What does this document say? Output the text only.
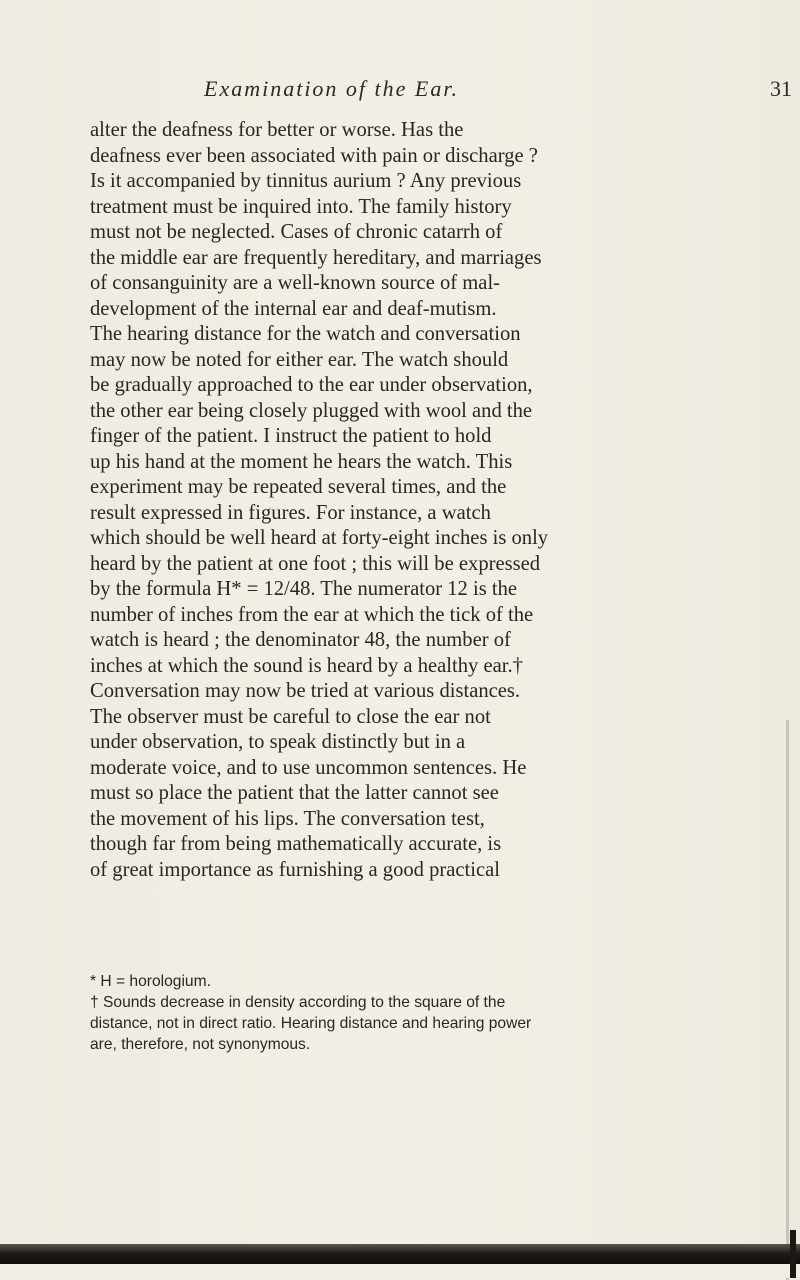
Examination of the Ear.	31
alter the deafness for better or worse. Has the
deafness ever been associated with pain or discharge ?
Is it accompanied by tinnitus aurium ? Any previous
treatment must be inquired into. The family history
must not be neglected. Cases of chronic catarrh of
the middle ear are frequently hereditary, and marriages
of consanguinity are a well-known source of mal-
development of the internal ear and deaf-mutism.
The hearing distance for the watch and conversation
may now be noted for either ear. The watch should
be gradually approached to the ear under observation,
the other ear being closely plugged with wool and the
finger of the patient. I instruct the patient to hold
up his hand at the moment he hears the watch. This
experiment may be repeated several times, and the
result expressed in figures. For instance, a watch
which should be well heard at forty-eight inches is only
heard by the patient at one foot ; this will be expressed
by the formula H* = 12/48. The numerator 12 is the
number of inches from the ear at which the tick of the
watch is heard ; the denominator 48, the number of
inches at which the sound is heard by a healthy ear.†
Conversation may now be tried at various distances.
The observer must be careful to close the ear not
under observation, to speak distinctly but in a
moderate voice, and to use uncommon sentences. He
must so place the patient that the latter cannot see
the movement of his lips. The conversation test,
though far from being mathematically accurate, is
of great importance as furnishing a good practical
* H = horologium.
† Sounds decrease in density according to the square of the
distance, not in direct ratio. Hearing distance and hearing power
are, therefore, not synonymous.
